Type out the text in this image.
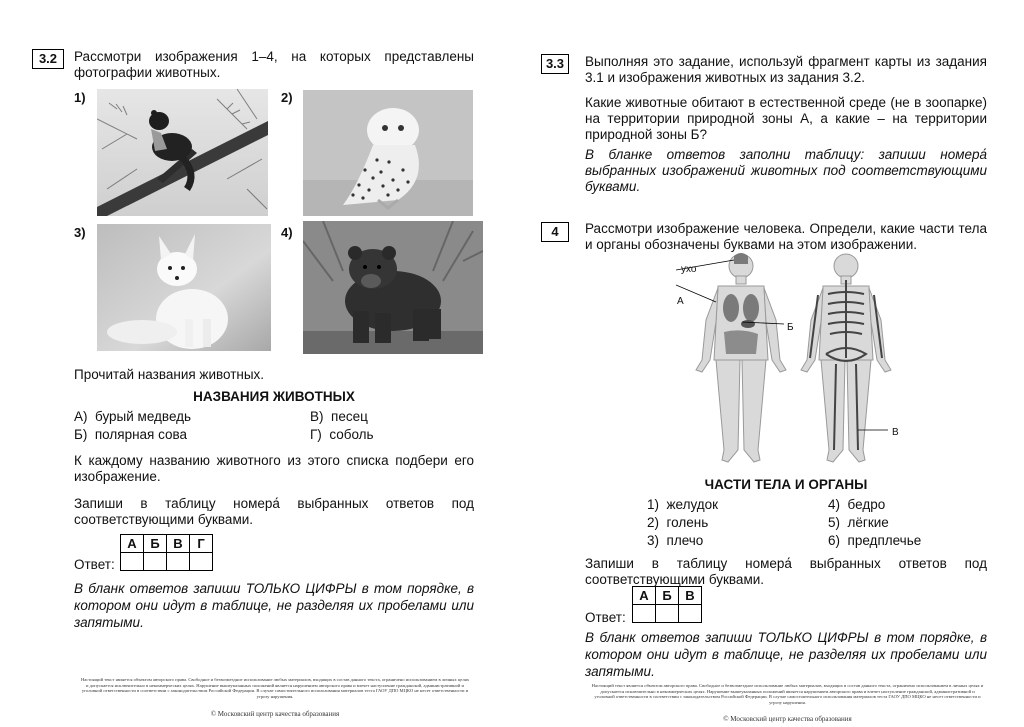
3.2	Рассмотри изображения 1–4, на которых представлены фотографии животных.
1)	2)
3)	4)
Прочитай названия животных.
НАЗВАНИЯ ЖИВОТНЫХ
А) бурый медведь	В) песец
Б) полярная сова	Г) соболь
К каждому названию животного из этого списка подбери его изображение.
Запиши в таблицу номера́ выбранных ответов под соответствующими буквами.
Ответ:
А	Б	В	Г

В бланк ответов запиши ТОЛЬКО ЦИФРЫ в том порядке, в котором они идут в таблице, не разделяя их пробелами или запятыми.
Настоящий текст является объектом авторского права. Свободное и безвозмездное использование любых материалов, входящих в состав данного текста, ограничено использованием в личных целях и допускается исключительно в некоммерческих целях. Нарушение вышеуказанных положений является нарушением авторского права и влечет наступление гражданской, административной и уголовной ответственности в соответствии с законодательством Российской Федерации. В случае самостоятельного использования материалов теста ГАОУ ДПО МЦКО не несет ответственности и угрозу нарушения.
© Московский центр качества образования
3.3	Выполняя это задание, используй фрагмент карты из задания 3.1 и изображения животных из задания 3.2.
Какие животные обитают в естественной среде (не в зоопарке) на территории природной зоны А, а какие – на территории природной зоны Б?
В бланке ответов заполни таблицу: запиши номера́ выбранных изображений животных под соответствующими буквами.
4	Рассмотри изображение человека. Определи, какие части тела и органы обозначены буквами на этом изображении.
ухо
А
Б
В
ЧАСТИ ТЕЛА И ОРГАНЫ
1) желудок	4) бедро
2) голень	5) лёгкие
3) плечо	6) предплечье
Запиши в таблицу номера́ выбранных ответов под соответствующими буквами.
Ответ:
А	Б	В

В бланк ответов запиши ТОЛЬКО ЦИФРЫ в том порядке, в котором они идут в таблице, не разделяя их пробелами или запятыми.
Настоящий текст является объектом авторского права. Свободное и безвозмездное использование любых материалов, входящих в состав данного текста, ограничено использованием в личных целях и допускается исключительно в некоммерческих целях. Нарушение вышеуказанных положений является нарушением авторского права и влечет наступление гражданской, административной и уголовной ответственности в соответствии с законодательством Российской Федерации. В случае самостоятельного использования материалов теста ГАОУ ДПО МЦКО не несет ответственности и угрозу нарушения.
© Московский центр качества образования
